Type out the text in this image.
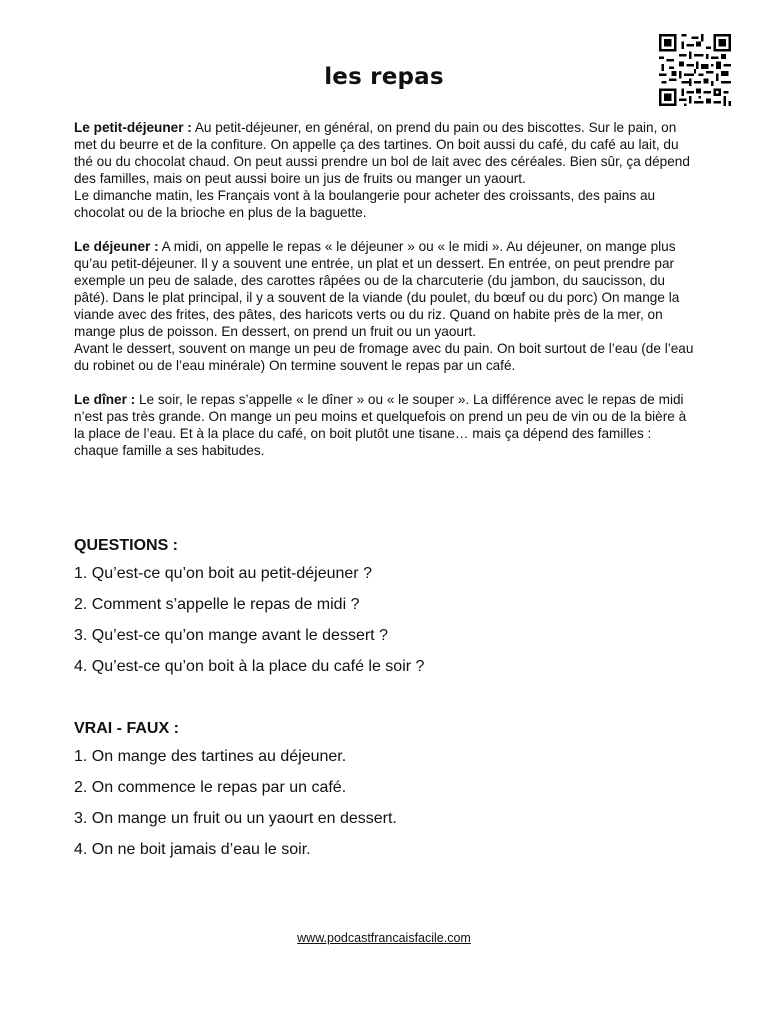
les repas

Le petit-déjeuner : Au petit-déjeuner, en général, on prend du pain ou des biscottes. Sur le pain, on met du beurre et de la confiture. On appelle ça des tartines. On boit aussi du café, du café au lait, du thé ou du chocolat chaud. On peut aussi prendre un bol de lait avec des céréales. Bien sûr, ça dépend des familles, mais on peut aussi boire un jus de fruits ou manger un yaourt.

Le dimanche matin, les Français vont à la boulangerie pour acheter des croissants, des pains au chocolat ou de la brioche en plus de la baguette.

Le déjeuner : A midi, on appelle le repas « le déjeuner » ou « le midi ». Au déjeuner, on mange plus qu’au petit-déjeuner. Il y a souvent une entrée, un plat et un dessert. En entrée, on peut prendre par exemple un peu de salade, des carottes râpées ou de la charcuterie (du jambon, du saucisson, du pâté). Dans le plat principal, il y a souvent de la viande (du poulet, du bœuf ou du porc) On mange la viande avec des frites, des pâtes, des haricots verts ou du riz. Quand on habite près de la mer, on mange plus de poisson. En dessert, on prend un fruit ou un yaourt.

Avant le dessert, souvent on mange un peu de fromage avec du pain. On boit surtout de l’eau (de l’eau du robinet ou de l’eau minérale) On termine souvent le repas par un café.

Le dîner : Le soir, le repas s’appelle « le dîner » ou « le souper ». La différence avec le repas de midi n’est pas très grande. On mange un peu moins et quelquefois on prend un peu de vin ou de la bière à la place de l’eau. Et à la place du café, on boit plutôt une tisane… mais ça dépend des familles : chaque famille a ses habitudes.

QUESTIONS :
1. Qu’est-ce qu’on boit au petit-déjeuner ?
2. Comment s’appelle le repas de midi ?
3. Qu’est-ce qu’on mange avant le dessert ?
4. Qu’est-ce qu’on boit à la place du café le soir ?
VRAI - FAUX :
1. On mange des tartines au déjeuner.
2. On commence le repas par un café.
3. On mange un fruit ou un yaourt en dessert.
4. On ne boit jamais d’eau le soir.
www.podcastfrancaisfacile.com
